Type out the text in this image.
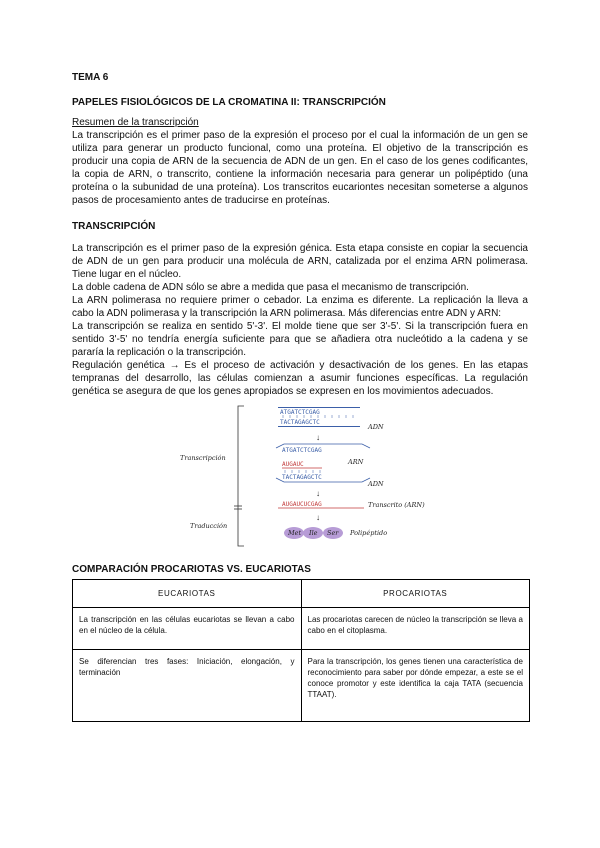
TEMA 6
PAPELES FISIOLÓGICOS DE LA CROMATINA II: TRANSCRIPCIÓN
Resumen de la transcripción

La transcripción es el primer paso de la expresión el proceso por el cual la información de un gen se utiliza para generar un producto funcional, como una proteína. El objetivo de la transcripción es producir una copia de ARN de la secuencia de ADN de un gen. En el caso de los genes codificantes, la copia de ARN, o transcrito, contiene la información necesaria para generar un polipéptido (una proteína o la subunidad de una proteína). Los transcritos eucariontes necesitan someterse a algunos pasos de procesamiento antes de traducirse en proteínas.

TRANSCRIPCIÓN

La transcripción es el primer paso de la expresión génica. Esta etapa consiste en copiar la secuencia de ADN de un gen para producir una molécula de ARN, catalizada por el enzima ARN polimerasa. Tiene lugar en el núcleo.

La doble cadena de ADN sólo se abre a medida que pasa el mecanismo de transcripción.

La ARN polimerasa no requiere primer o cebador. La enzima es diferente. La replicación la lleva a cabo la ADN polimerasa y la transcripción la ARN polimerasa. Más diferencias entre ADN y ARN:

La transcripción se realiza en sentido 5'-3'. El molde tiene que ser 3'-5'. Si la transcripción fuera en sentido 3'-5' no tendría energía suficiente para que se añadiera otra nucleótido a la cadena y se pararía la replicación o la transcripción.

Regulación genética → Es el proceso de activación y desactivación de los genes. En las etapas tempranas del desarrollo, las células comienzan a asumir funciones específicas. La regulación genética se asegura de que los genes apropiados se expresen en los movimientos adecuados.

Transcripción
Traducción
ATGATCTCGAG
TACTAGAGCTC
ADN
↓
ATGATCTCGAG
AUGAUC	ARN
TACTAGAGCTC
ADN
↓
AUGAUCUCGAG	Transcrito (ARN)
↓
Met Ile Ser Polipéptido
COMPARACIÓN PROCARIOTAS VS. EUCARIOTAS
EUCARIOTAS	PROCARIOTAS
La transcripción en las células eucariotas se llevan a cabo en el núcleo de la célula.	Las procariotas carecen de núcleo la transcripción se lleva a cabo en el citoplasma.
Se diferencian tres fases: Iniciación, elongación, y terminación	Para la transcripción, los genes tienen una característica de reconocimiento para saber por dónde empezar, a este se el conoce promotor y este identifica la caja TATA (secuencia TTAAT).
